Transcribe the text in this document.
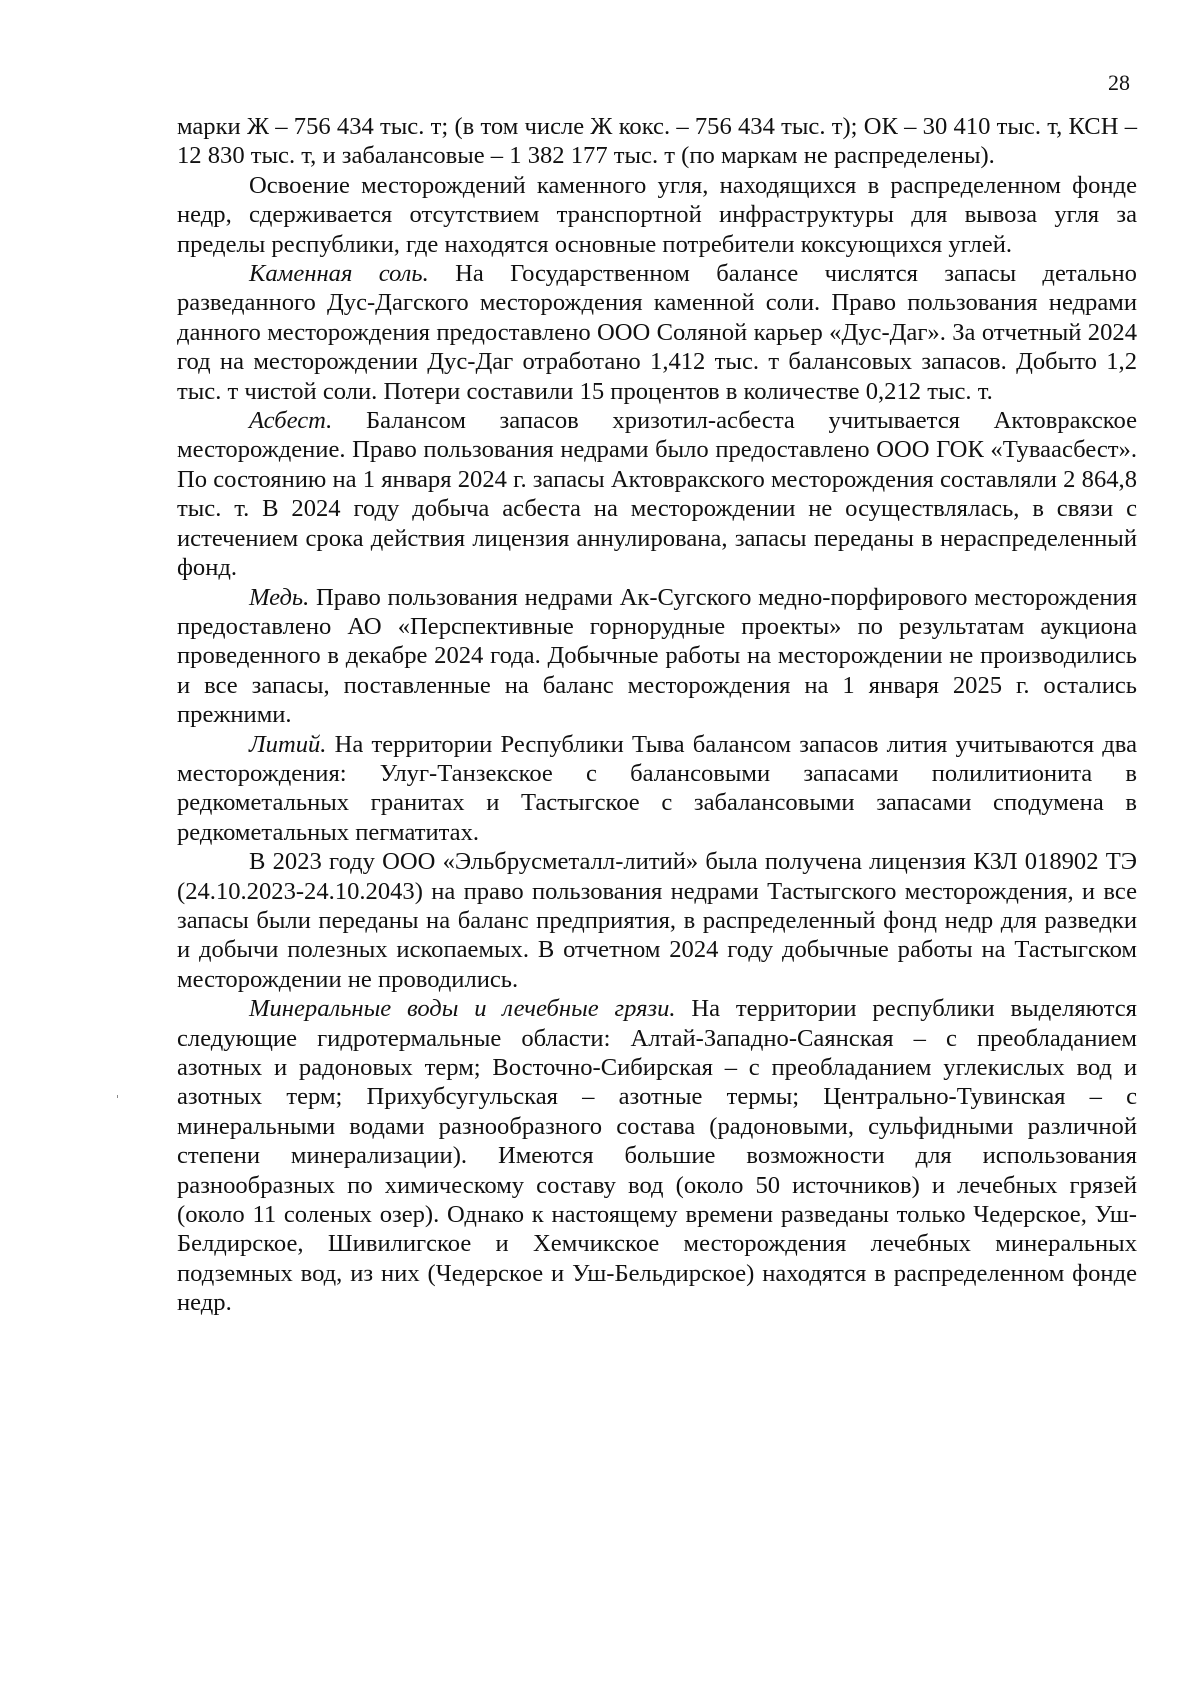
28

марки Ж – 756 434 тыс. т; (в том числе Ж кокс. – 756 434 тыс. т); ОК – 30 410 тыс. т, КСН – 12 830 тыс. т, и забалансовые – 1 382 177 тыс. т (по маркам не распределены).

Освоение месторождений каменного угля, находящихся в распределенном фонде недр, сдерживается отсутствием транспортной инфраструктуры для вывоза угля за пределы республики, где находятся основные потребители коксующихся углей.

Каменная соль. На Государственном балансе числятся запасы детально разведанного Дус-Дагского месторождения каменной соли. Право пользования недрами данного месторождения предоставлено ООО Соляной карьер «Дус-Даг». За отчетный 2024 год на месторождении Дус-Даг отработано 1,412 тыс. т балансовых запасов. Добыто 1,2 тыс. т чистой соли. Потери составили 15 процентов в количестве 0,212 тыс. т.

Асбест. Балансом запасов хризотил-асбеста учитывается Актовракское месторождение. Право пользования недрами было предоставлено ООО ГОК «Туваасбест». По состоянию на 1 января 2024 г. запасы Актовракского месторождения составляли 2 864,8 тыс. т. В 2024 году добыча асбеста на месторождении не осуществлялась, в связи с истечением срока действия лицензия аннулирована, запасы переданы в нераспределенный фонд.

Медь. Право пользования недрами Ак-Сугского медно-порфирового месторождения предоставлено АО «Перспективные горнорудные проекты» по результатам аукциона проведенного в декабре 2024 года. Добычные работы на месторождении не производились и все запасы, поставленные на баланс месторождения на 1 января 2025 г. остались прежними.

Литий. На территории Республики Тыва балансом запасов лития учитываются два месторождения: Улуг-Танзекское с балансовыми запасами полилитионита в редкометальных гранитах и Тастыгское с забалансовыми запасами сподумена в редкометальных пегматитах.

В 2023 году ООО «Эльбрусметалл-литий» была получена лицензия КЗЛ 018902 ТЭ (24.10.2023-24.10.2043) на право пользования недрами Тастыгского месторождения, и все запасы были переданы на баланс предприятия, в распределенный фонд недр для разведки и добычи полезных ископаемых. В отчетном 2024 году добычные работы на Тастыгском месторождении не проводились.

Минеральные воды и лечебные грязи. На территории республики выделяются следующие гидротермальные области: Алтай-Западно-Саянская – с преобладанием азотных и радоновых терм; Восточно-Сибирская – с преобладанием углекислых вод и азотных терм; Прихубсугульская – азотные термы; Центрально-Тувинская – с минеральными водами разнообразного состава (радоновыми, сульфидными различной степени минерализации). Имеются большие возможности для использования разнообразных по химическому составу вод (около 50 источников) и лечебных грязей (около 11 соленых озер). Однако к настоящему времени разведаны только Чедерское, Уш-Белдирское, Шивилигское и Хемчикское месторождения лечебных минеральных подземных вод, из них (Чедерское и Уш-Бельдирское) находятся в распределенном фонде недр.
